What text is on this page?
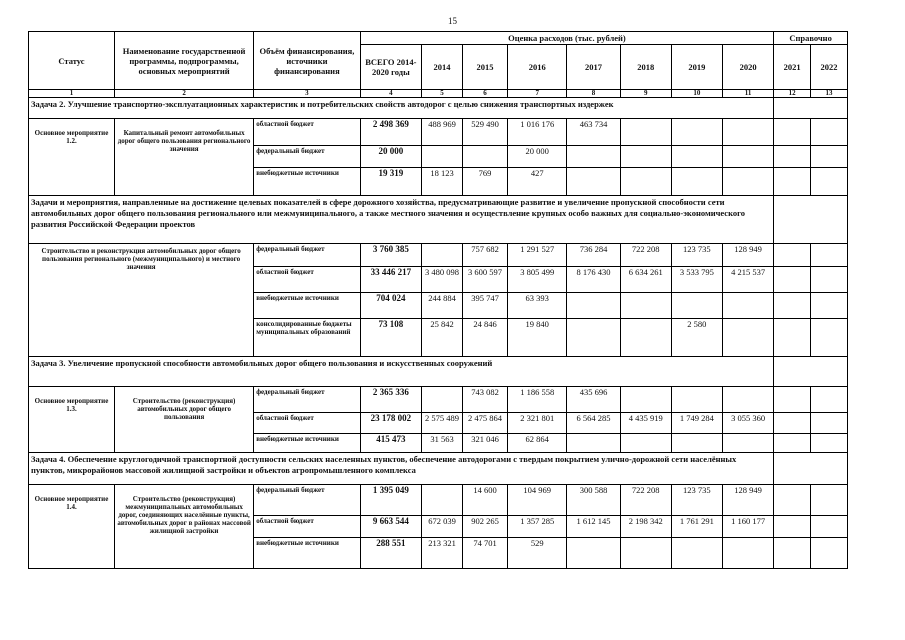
15
Статус	Наименование государственной программы, подпрограммы, основных мероприятий	Объём финансирования, источники финансирования	Оценка расходов (тыс. рублей)								Справочно	
			ВСЕГО 2014-2020 годы	2014	2015	2016	2017	2018	2019	2020	2021	2022
1	2	3	4	5	6	7	8	9	10	11	12	13
Задача 2. Улучшение транспортно-эксплуатационных характеристик и потребительских свойств автодорог с целью снижения транспортных издержек												
Основное мероприятие 1.2.	Капитальный ремонт автомобильных дорог общего пользования регионального значения	областной бюджет	2 498 369	488 969	529 490	1 016 176	463 734					
		федеральный бюджет	20 000			20 000						
		внебюджетные источники	19 319	18 123	769	427						
Задачи и мероприятия, направленные на достижение целевых показателей в сфере дорожного хозяйства, предусматривающие развитие и увеличение пропускной способности сети автомобильных дорог общего пользования регионального или межмуниципального, а также местного значения и осуществление крупных особо важных для социально-экономического развития Российской Федерации проектов												
Строительство и реконструкция автомобильных дорог общего пользования регионального (межмуниципального) и местного значения		федеральный бюджет	3 760 385		757 682	1 291 527	736 284	722 208	123 735	128 949		
		областной бюджет	33 446 217	3 480 098	3 600 597	3 805 499	8 176 430	6 634 261	3 533 795	4 215 537		
		внебюджетные источники	704 024	244 884	395 747	63 393						
		консолидированные бюджеты муниципальных образований	73 108	25 842	24 846	19 840			2 580			
Задача 3. Увеличение пропускной способности автомобильных дорог общего пользования и искусственных сооружений												
Основное мероприятие 1.3.	Строительство (реконструкция) автомобильных дорог общего пользования	федеральный бюджет	2 365 336		743 082	1 186 558	435 696					
		областной бюджет	23 178 002	2 575 489	2 475 864	2 321 801	6 564 285	4 435 919	1 749 284	3 055 360		
		внебюджетные источники	415 473	31 563	321 046	62 864						
Задача 4. Обеспечение круглогодичной транспортной доступности сельских населенных пунктов, обеспечение автодорогами с твердым покрытием улично-дорожной сети населённых пунктов, микрорайонов массовой жилищной застройки и объектов агропромышленного комплекса												
Основное мероприятие 1.4.	Строительство (реконструкция) межмуниципальных автомобильных дорог, соединяющих населённые пункты, автомобильных дорог в районах массовой жилищной застройки	федеральный бюджет	1 395 049		14 600	104 969	300 588	722 208	123 735	128 949		
		областной бюджет	9 663 544	672 039	902 265	1 357 285	1 612 145	2 198 342	1 761 291	1 160 177		
		внебюджетные источники	288 551	213 321	74 701	529						
